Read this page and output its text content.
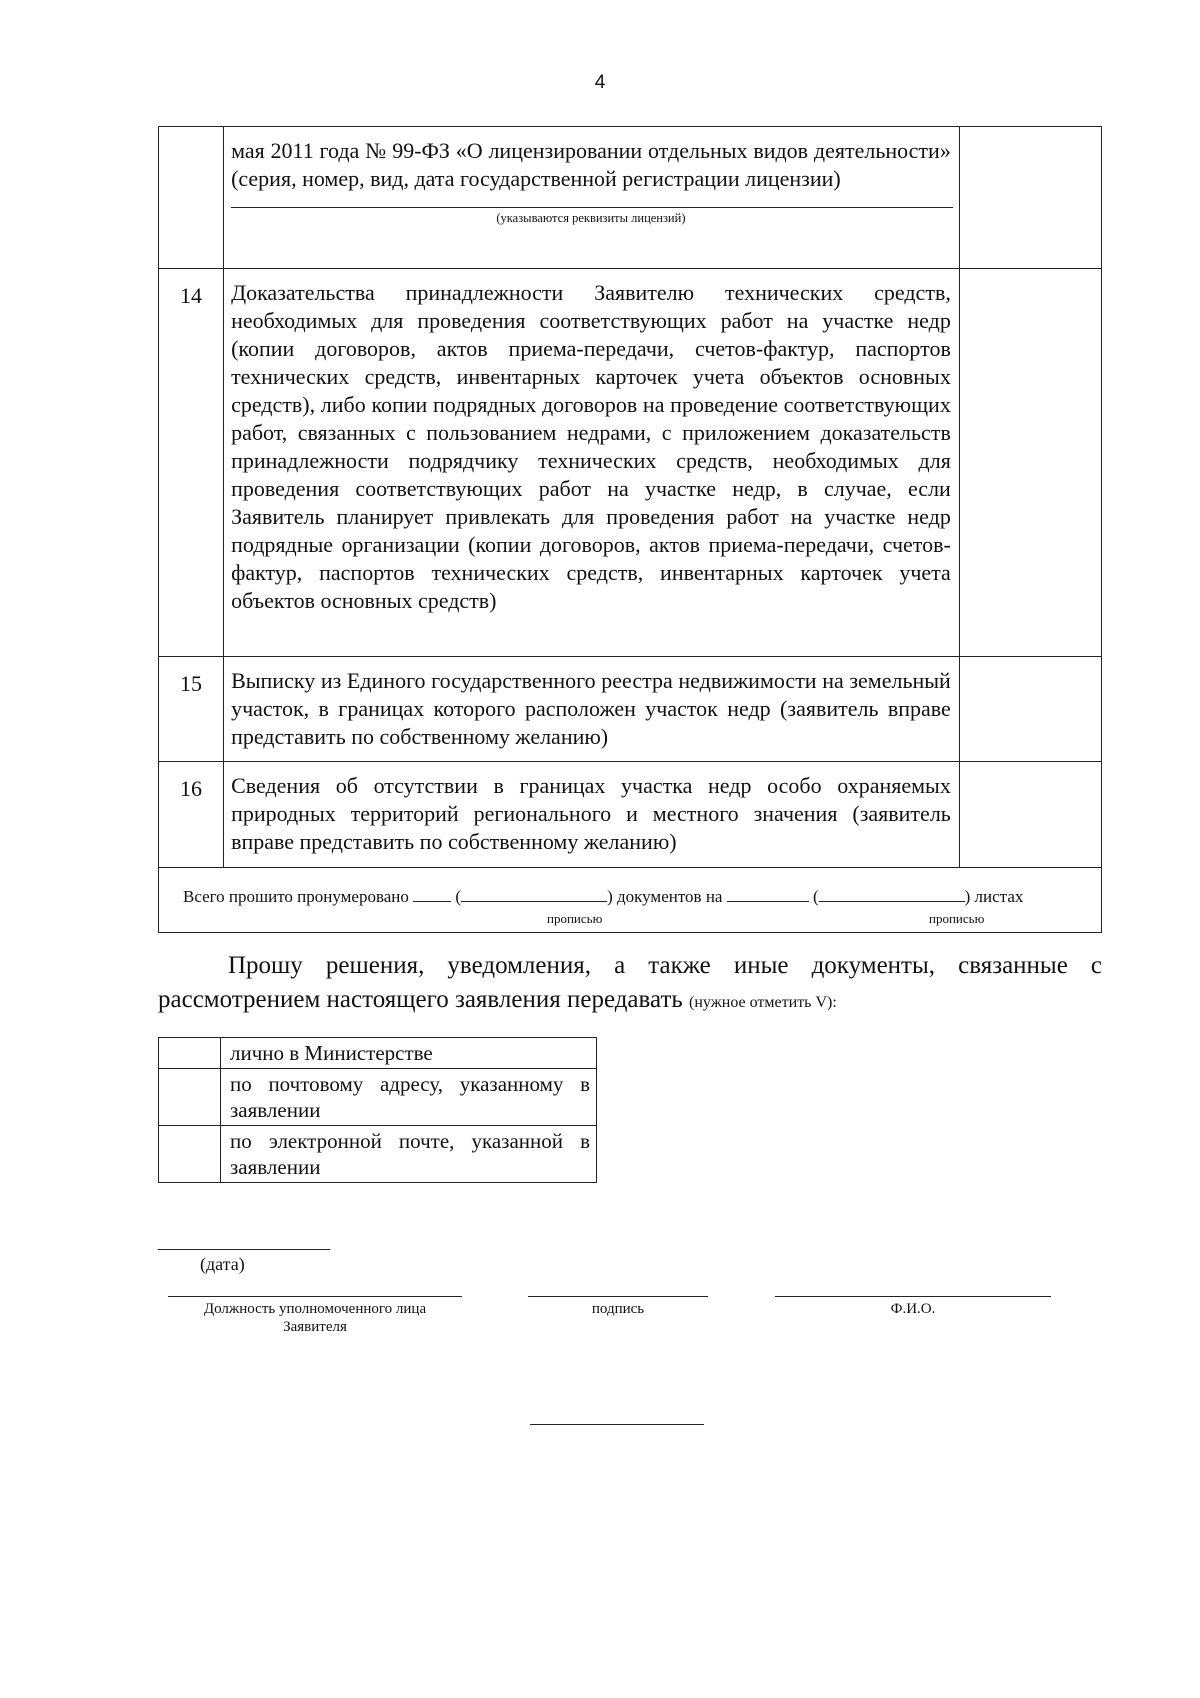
4

	мая 2011 года № 99-ФЗ «О лицензировании отдельных видов деятельности» (серия, номер, вид, дата государственной регистрации лицензии)
(указываются реквизиты лицензий)	

14	Доказательства принадлежности Заявителю технических средств, необходимых для проведения соответствующих работ на участке недр (копии договоров, актов приема-передачи, счетов-фактур, паспортов технических средств, инвентарных карточек учета объектов основных средств), либо копии подрядных договоров на проведение соответствующих работ, связанных с пользованием недрами, с приложением доказательств принадлежности подрядчику технических средств, необходимых для проведения соответствующих работ на участке недр, в случае, если Заявитель планирует привлекать для проведения работ на участке недр подрядные организации (копии договоров, актов приема-передачи, счетов-фактур, паспортов технических средств, инвентарных карточек учета объектов основных средств)	
15	Выписку из Единого государственного реестра недвижимости на земельный участок, в границах которого расположен участок недр (заявитель вправе представить по собственному желанию)	
16	Сведения об отсутствии в границах участка недр особо охраняемых природных территорий регионального и местного значения (заявитель вправе представить по собственному желанию)	

Всего прошито пронумеровано ( ) документов на ( ) листах
прописью прописью		
Прошу решения, уведомления, а также иные документы, связанные с рассмотрением настоящего заявления передавать (нужное отметить V):
	лично в Министерстве
	по почтовому адресу, указанному в заявлении
	по электронной почте, указанной в заявлении
(дата)
Должность уполномоченного лица
Заявителя
подпись	Ф.И.О.
